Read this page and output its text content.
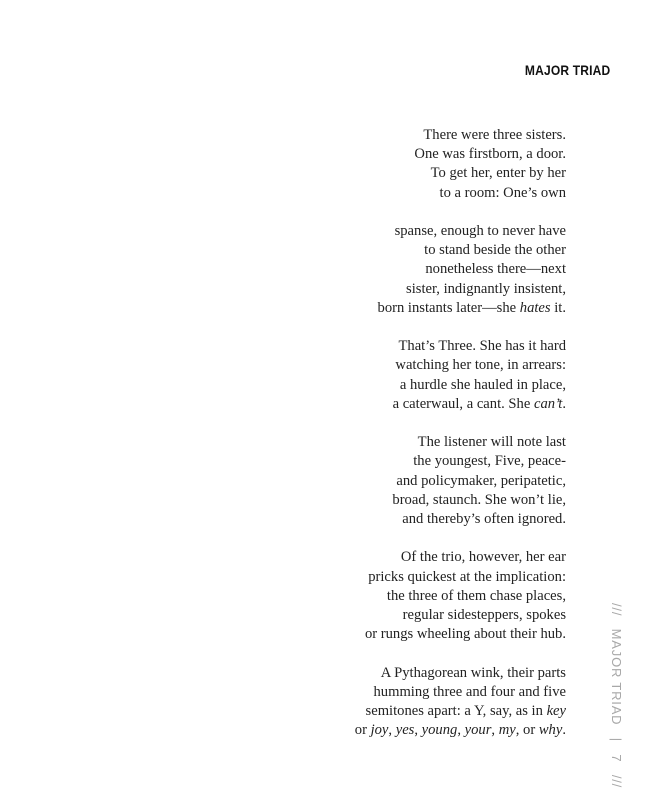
MAJOR TRIAD
There were three sisters.
One was firstborn, a door.
To get her, enter by her
to a room: One’s own
spanse, enough to never have
to stand beside the other
nonetheless there—next
sister, indignantly insistent,
born instants later—she hates it.
That’s Three. She has it hard
watching her tone, in arrears:
a hurdle she hauled in place,
a caterwaul, a cant. She can’t.
The listener will note last
the youngest, Five, peace-
and policymaker, peripatetic,
broad, staunch. She won’t lie,
and thereby’s often ignored.
Of the trio, however, her ear
pricks quickest at the implication:
the three of them chase places,
regular sidesteppers, spokes
or rungs wheeling about their hub.
A Pythagorean wink, their parts
humming three and four and five
semitones apart: a Y, say, as in key
or joy, yes, young, your, my, or why.
/// MAJOR TRIAD | 7 ///
